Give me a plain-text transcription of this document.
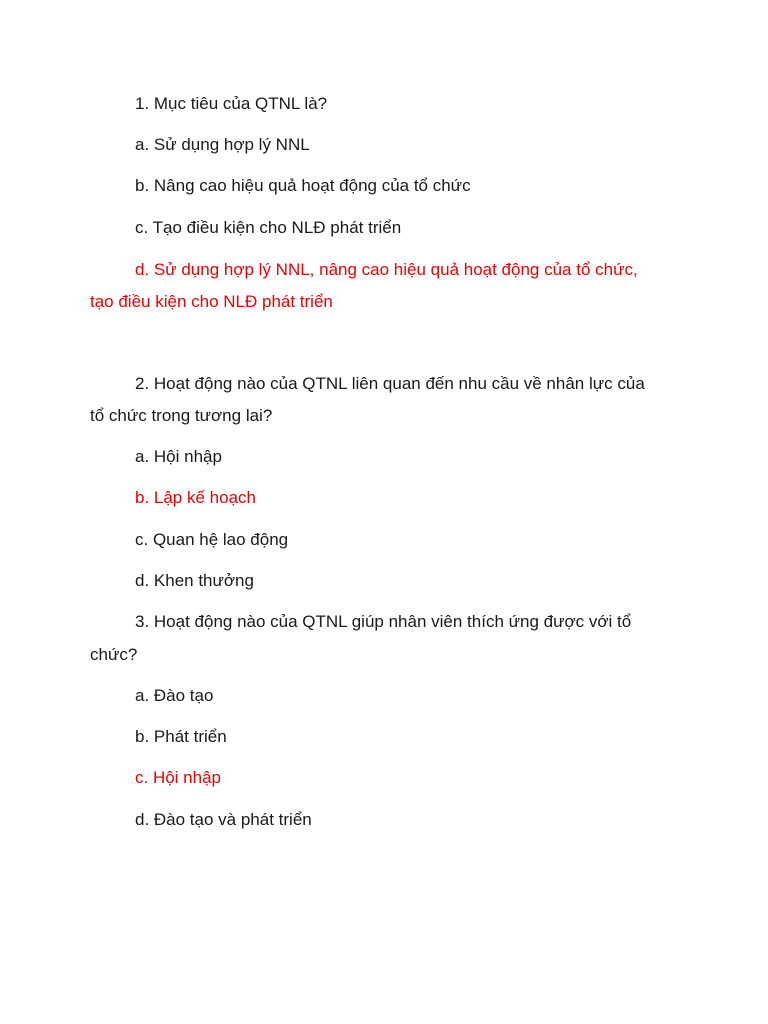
1. Mục tiêu của QTNL là?
a. Sử dụng hợp lý NNL
b. Nâng cao hiệu quả hoạt động của tổ chức
c. Tạo điều kiện cho NLĐ phát triển
d. Sử dụng hợp lý NNL, nâng cao hiệu quả hoạt động của tổ chức,
tạo điều kiện cho NLĐ phát triển
2. Hoạt động nào của QTNL liên quan đến nhu cầu về nhân lực của
tổ chức trong tương lai?
a. Hội nhập
b. Lập kế hoạch
c. Quan hệ lao động
d. Khen thưởng
3. Hoạt động nào của QTNL giúp nhân viên thích ứng được với tổ
chức?
a. Đào tạo
b. Phát triển
c. Hội nhập
d. Đào tạo và phát triển
